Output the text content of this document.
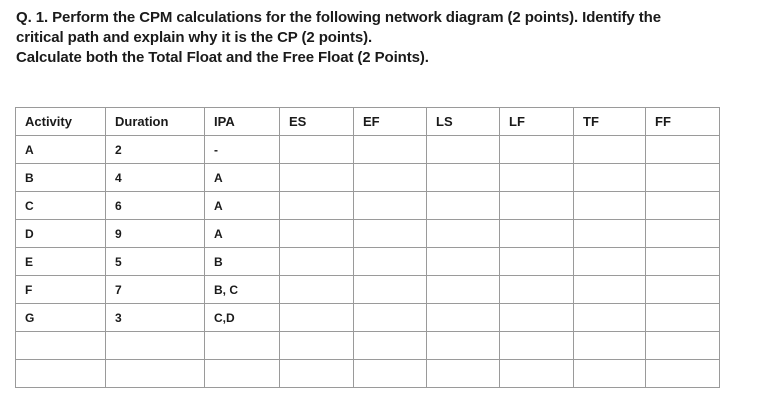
Q. 1. Perform the CPM calculations for the following network diagram (2 points). Identify the
critical path and explain why it is the CP (2 points).
Calculate both the Total Float and the Free Float (2 Points).
Activity	Duration	IPA	ES	EF	LS	LF	TF	FF
A	2	-						
B	4	A						
C	6	A						
D	9	A						
E	5	B						
F	7	B, C						
G	3	C,D						
